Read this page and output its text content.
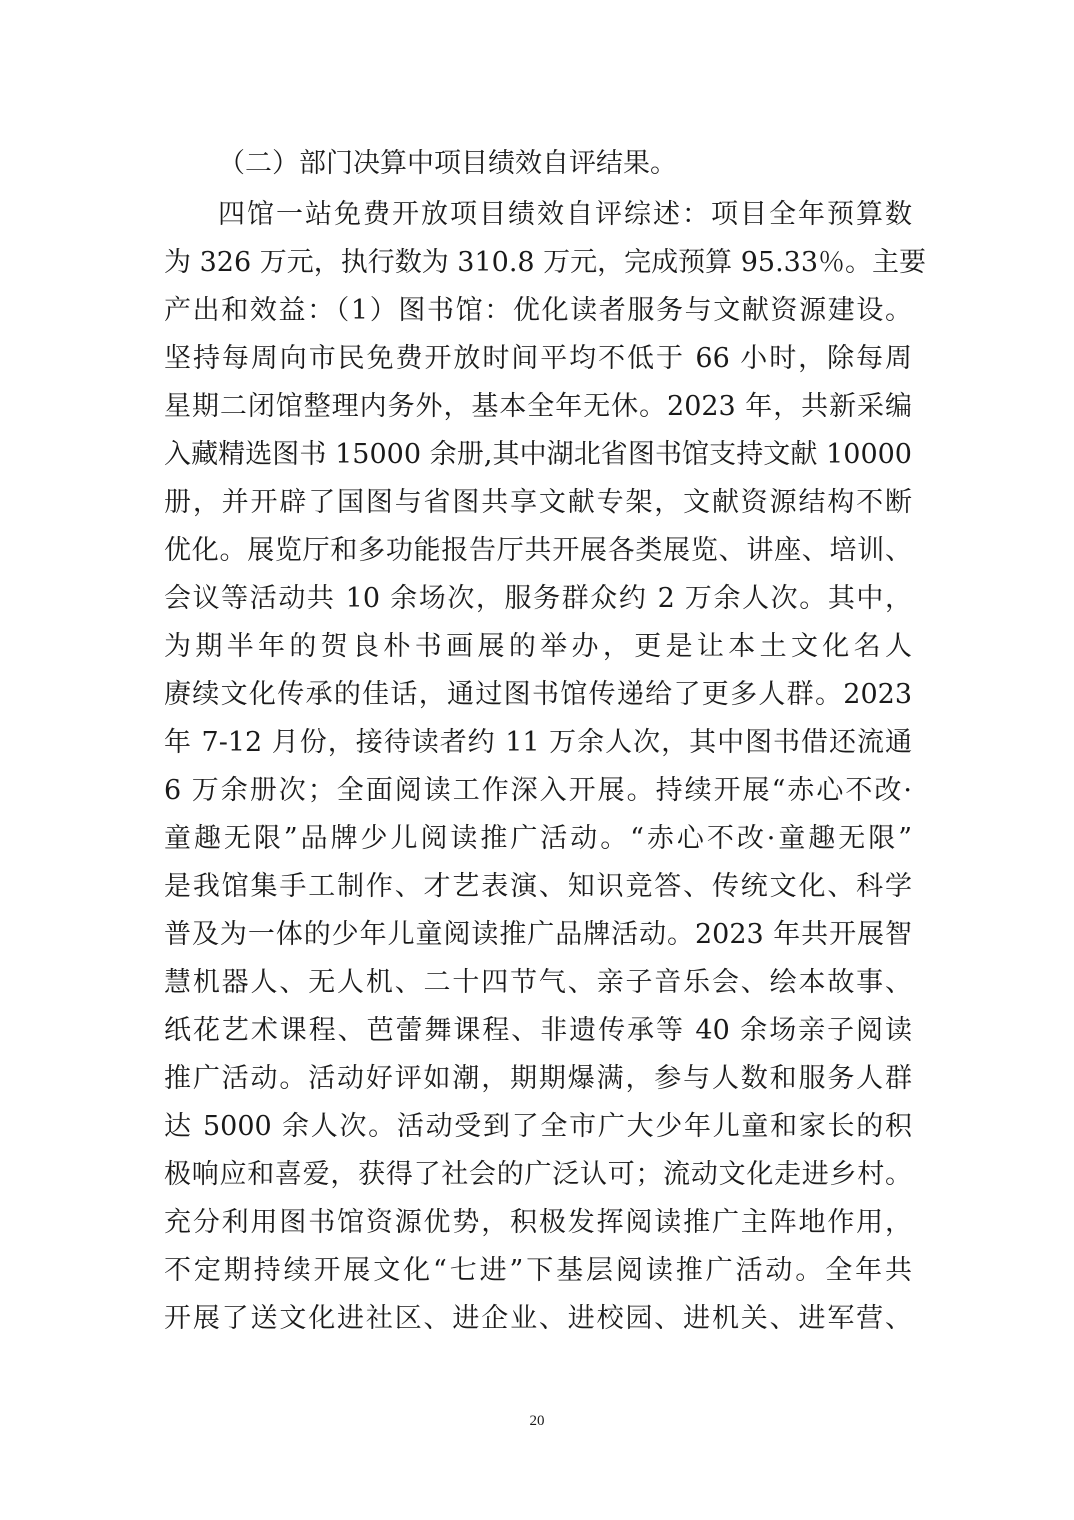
（二）部门决算中项目绩效自评结果。
四馆一站免费开放项目绩效自评综述：项目全年预算数
为 326 万元，执行数为 310.8 万元，完成预算 95.33％。主要
产出和效益：（1）图书馆：优化读者服务与文献资源建设。
坚持每周向市民免费开放时间平均不低于 66 小时，除每周
星期二闭馆整理内务外，基本全年无休。2023 年，共新采编
入藏精选图书 15000 余册,其中湖北省图书馆支持文献 10000
册，并开辟了国图与省图共享文献专架，文献资源结构不断
优化。展览厅和多功能报告厅共开展各类展览、讲座、培训、
会议等活动共 10 余场次，服务群众约 2 万余人次。其中，
为期半年的贺良朴书画展的举办，更是让本土文化名人
赓续文化传承的佳话，通过图书馆传递给了更多人群。2023
年 7-12 月份，接待读者约 11 万余人次，其中图书借还流通
6 万余册次；全面阅读工作深入开展。持续开展“赤心不改·
童趣无限”品牌少儿阅读推广活动。“赤心不改·童趣无限”
是我馆集手工制作、才艺表演、知识竞答、传统文化、科学
普及为一体的少年儿童阅读推广品牌活动。2023 年共开展智
慧机器人、无人机、二十四节气、亲子音乐会、绘本故事、
纸花艺术课程、芭蕾舞课程、非遗传承等 40 余场亲子阅读
推广活动。活动好评如潮，期期爆满，参与人数和服务人群
达 5000 余人次。活动受到了全市广大少年儿童和家长的积
极响应和喜爱，获得了社会的广泛认可；流动文化走进乡村。
充分利用图书馆资源优势，积极发挥阅读推广主阵地作用，
不定期持续开展文化“七进”下基层阅读推广活动。全年共
开展了送文化进社区、进企业、进校园、进机关、进军营、
20
